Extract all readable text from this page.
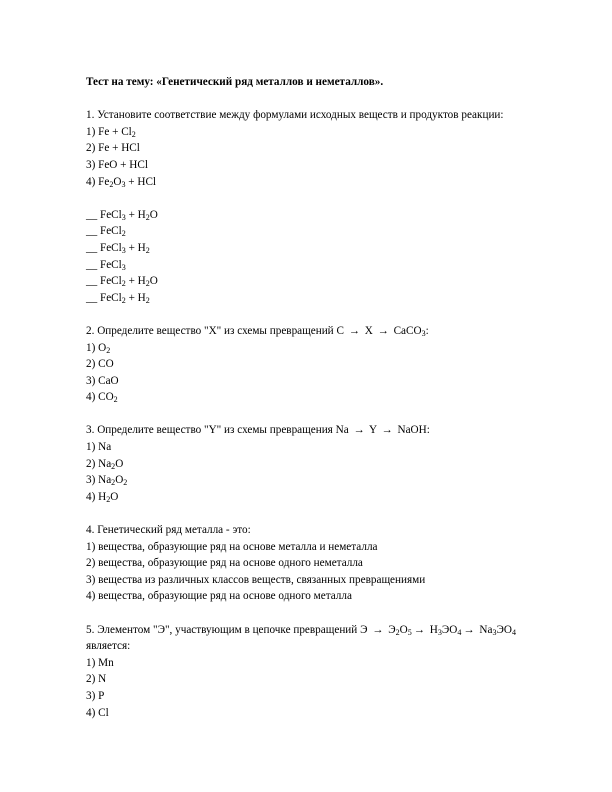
Тест на тему: «Генетический ряд металлов и неметаллов».
1. Установите соответствие между формулами исходных веществ и продуктов реакции:
1) $Fe + Cl_2$
2) Fe + HCl
3) FeO + HCl
4) $Fe_2O_3$ + HCl
__ FeCl$_3$ + $H_2O$
__ FeCl$_2$
__ FeCl$_3$ + $H_2$
__ FeCl$_3$
__ FeCl$_2$ + $H_2O$
__ FeCl$_2$ + $H_2$
2. Определите вещество "X" из схемы превращений C → X → CaCO$_3$:
1) $O_2$
2) CO
3) CaO
4) $CO_2$
3. Определите вещество "Y" из схемы превращения Na → Y → NaOH:
1) Na
2) $Na_2O$
3) $Na_2O_2$
4) $H_2O$
4. Генетический ряд металла - это:
1) вещества, образующие ряд на основе металла и неметалла
2) вещества, образующие ряд на основе одного неметалла
3) вещества из различных классов веществ, связанных превращениями
4) вещества, образующие ряд на основе одного металла
5. Элементом "Э", участвующим в цепочке превращений $Э \to Э_2O_5 \to H_3ЭO_4 \to Na_3ЭO_4$
является:
1) Mn
2) N
3) P
4) Cl
